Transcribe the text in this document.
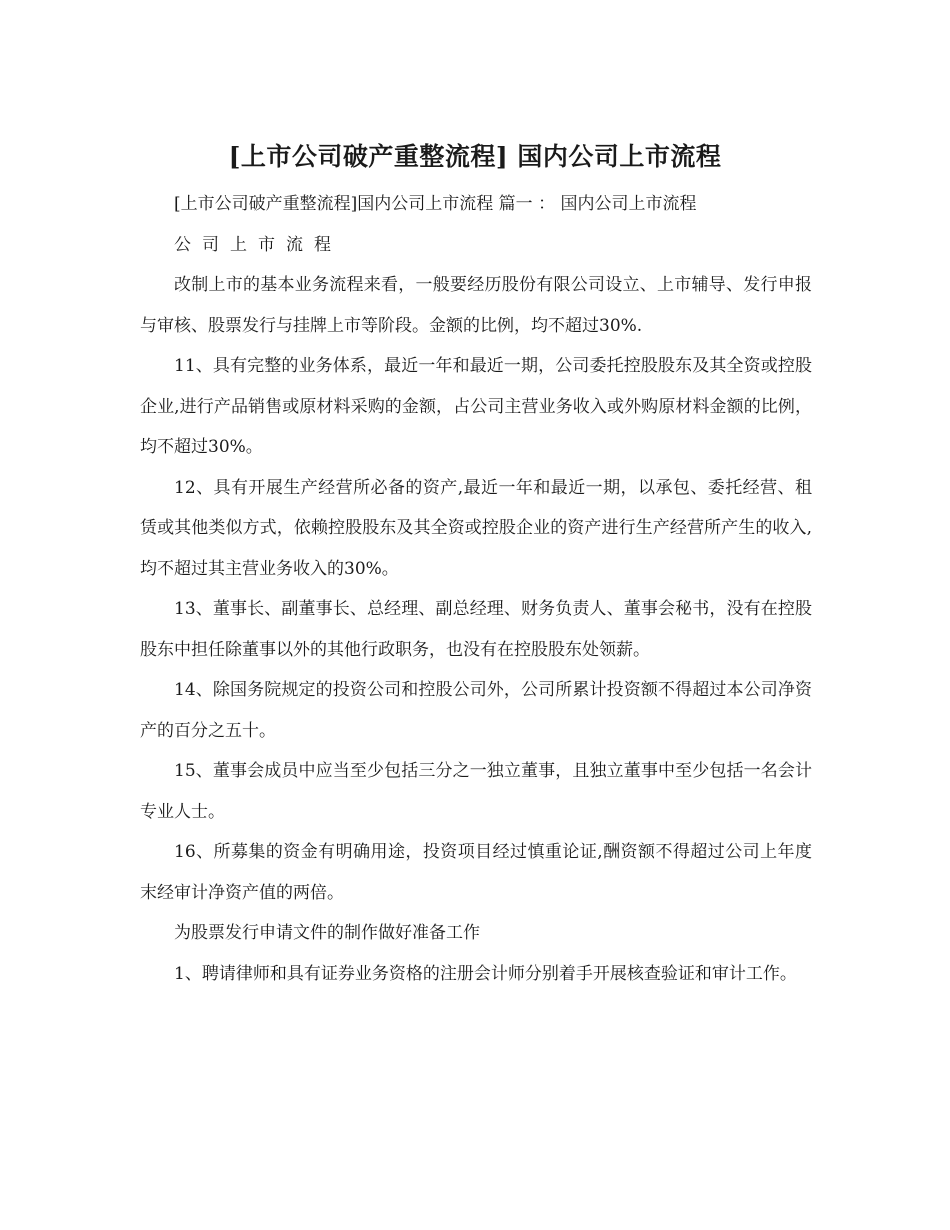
[上市公司破产重整流程] 国内公司上市流程

[上市公司破产重整流程]国内公司上市流程 篇一 ： 国内公司上市流程

公司上市流程

改制上市的基本业务流程来看，一般要经历股份有限公司设立、上市辅导、发行申报与审核、股票发行与挂牌上市等阶段。金额的比例，均不超过30%.

11、具有完整的业务体系，最近一年和最近一期，公司委托控股股东及其全资或控股企业,进行产品销售或原材料采购的金额，占公司主营业务收入或外购原材料金额的比例，均不超过30%。

12、具有开展生产经营所必备的资产,最近一年和最近一期，以承包、委托经营、租赁或其他类似方式，依赖控股股东及其全资或控股企业的资产进行生产经营所产生的收入,均不超过其主营业务收入的30%。

13、董事长、副董事长、总经理、副总经理、财务负责人、董事会秘书，没有在控股股东中担任除董事以外的其他行政职务，也没有在控股股东处领薪。

14、除国务院规定的投资公司和控股公司外，公司所累计投资额不得超过本公司净资产的百分之五十。

15、董事会成员中应当至少包括三分之一独立董事，且独立董事中至少包括一名会计专业人士。

16、所募集的资金有明确用途，投资项目经过慎重论证,酬资额不得超过公司上年度末经审计净资产值的两倍。

为股票发行申请文件的制作做好准备工作

1、聘请律师和具有证券业务资格的注册会计师分别着手开展核查验证和审计工作。
